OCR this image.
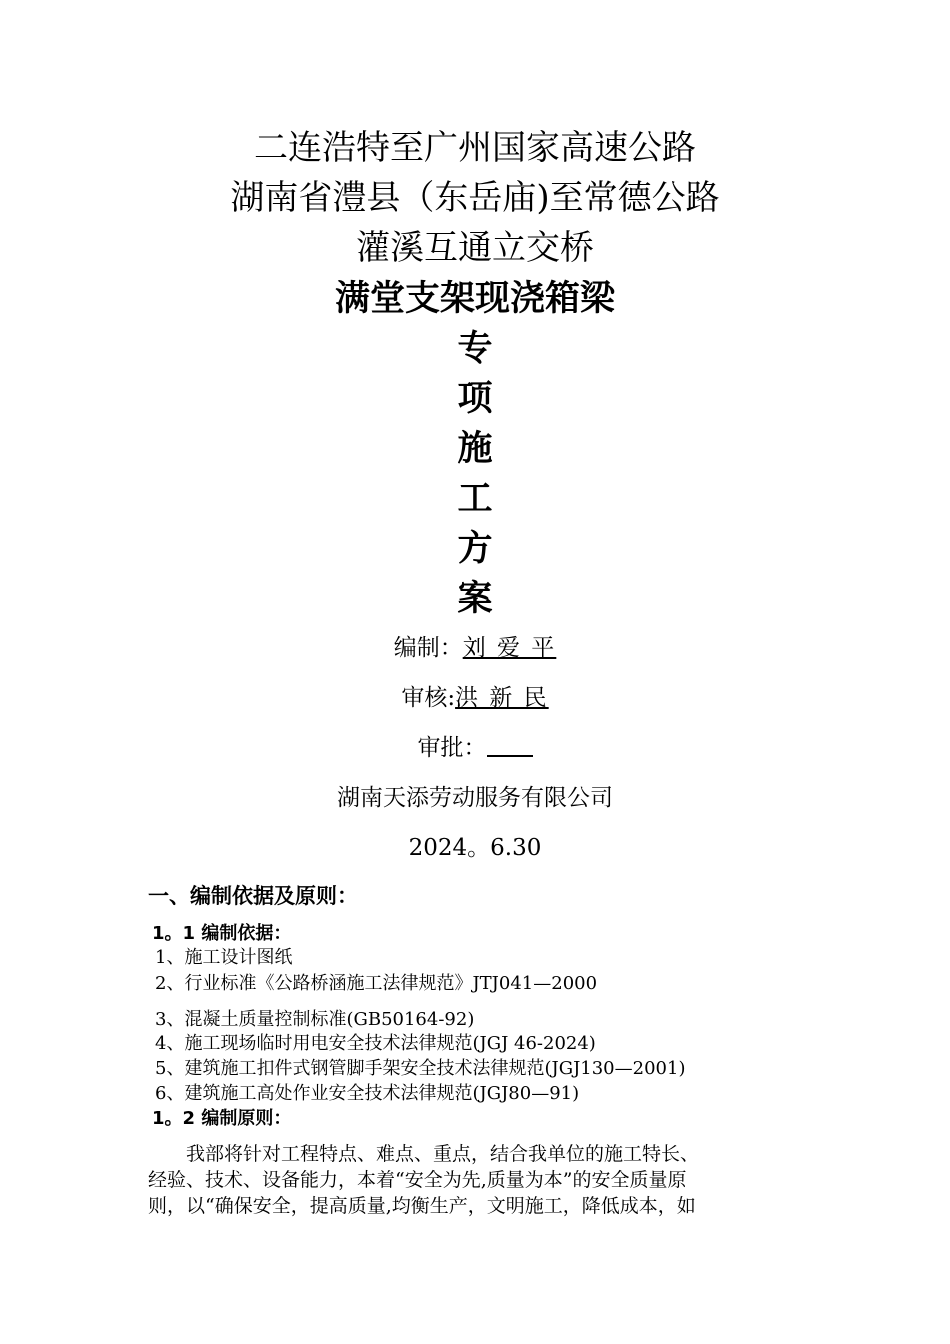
二连浩特至广州国家高速公路
湖南省澧县（东岳庙)至常德公路
灌溪互通立交桥
满堂支架现浇箱梁
专
项
施
工
方
案
编制：刘 爱 平
审核:洪 新 民
审批：
湖南天添劳动服务有限公司
2024。6.30
一、编制依据及原则：
1。1 编制依据：
1、施工设计图纸
2、行业标准《公路桥涵施工法律规范》JTJ041—2000
3、混凝土质量控制标准(GB50164-92)
4、施工现场临时用电安全技术法律规范(JGJ 46-2024)
5、建筑施工扣件式钢管脚手架安全技术法律规范(JGJ130—2001)
6、建筑施工高处作业安全技术法律规范(JGJ80—91)
1。2 编制原则：
　　我部将针对工程特点、难点、重点，结合我单位的施工特长、
经验、技术、设备能力，本着“安全为先,质量为本”的安全质量原
则，以“确保安全，提高质量,均衡生产，文明施工，降低成本，如
